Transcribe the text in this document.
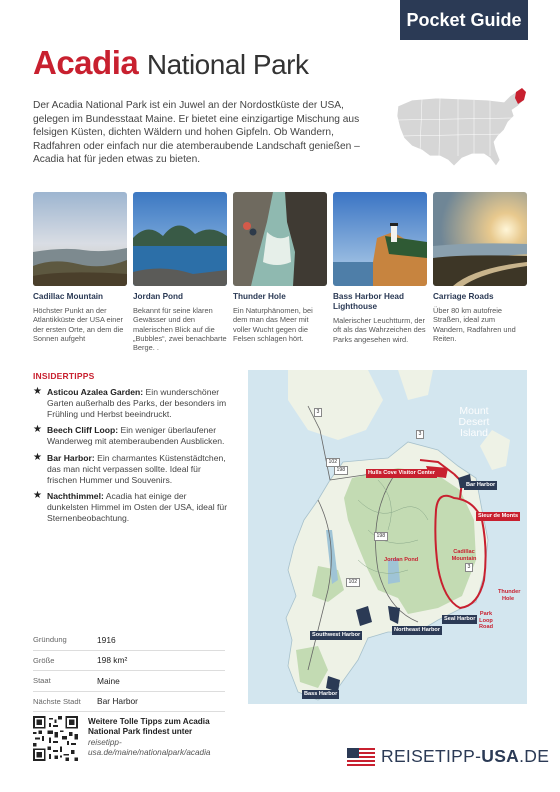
Pocket Guide
Acadia National Park

Der Acadia National Park ist ein Juwel an der Nordostküste der USA, gelegen im Bundesstaat Maine. Er bietet eine einzigartige Mischung aus felsigen Küsten, dichten Wäldern und hohen Gipfeln. Ob Wandern, Radfahren oder einfach nur die atemberaubende Landschaft genießen – Acadia hat für jeden etwas zu bieten.

Cadillac Mountain
Höchster Punkt an der Atlantikküste der USA einer der ersten Orte, an dem die Sonnen aufgeht
Jordan Pond
Bekannt für seine klaren Gewässer und den malerischen Blick auf die „Bubbles“, zwei benachbarte Berge. .
Thunder Hole
Ein Naturphänomen, bei dem man das Meer mit voller Wucht gegen die Felsen schlagen hört.
Bass Harbor Head Lighthouse
Malerischer Leuchtturm, der oft als das Wahrzeichen des Parks angesehen wird.
Carriage Roads
Über 80 km autofreie Straßen, ideal zum Wandern, Radfahren und Reiten.
INSIDERTIPPS
★ Asticou Azalea Garden: Ein wunderschöner Garten außerhalb des Parks, der besonders im Frühling und Herbst beeindruckt.
★ Beech Cliff Loop: Ein weniger überlaufener Wanderweg mit atemberaubenden Ausblicken.
★ Bar Harbor: Ein charmantes Küstenstädtchen, das man nicht verpassen sollte. Ideal für frischen Hummer und Souvenirs.
★ Nachthimmel: Acadia hat einige der dunkelsten Himmel im Osten der USA, ideal für Sternenbeobachtung.
Gründung	1916
Größe	198 km²
Staat	Maine
Nächste Stadt	Bar Harbor
Weitere Tolle Tipps zum Acadia National Park findest unter
reisetipp-usa.de/maine/nationalpark/acadia	REISETIPP- USA .DE
Mount Desert Island
Hulls Cove Visitor Center
Bar Harbor
Sieur de Monts
Cadillac Mountain
Jordan Pond
Thunder Hole
Park Loop Road
Seal Harbor
Northeast Harbor
Southwest Harbor
Bass Harbor
3
3
102
198
198
102
3
